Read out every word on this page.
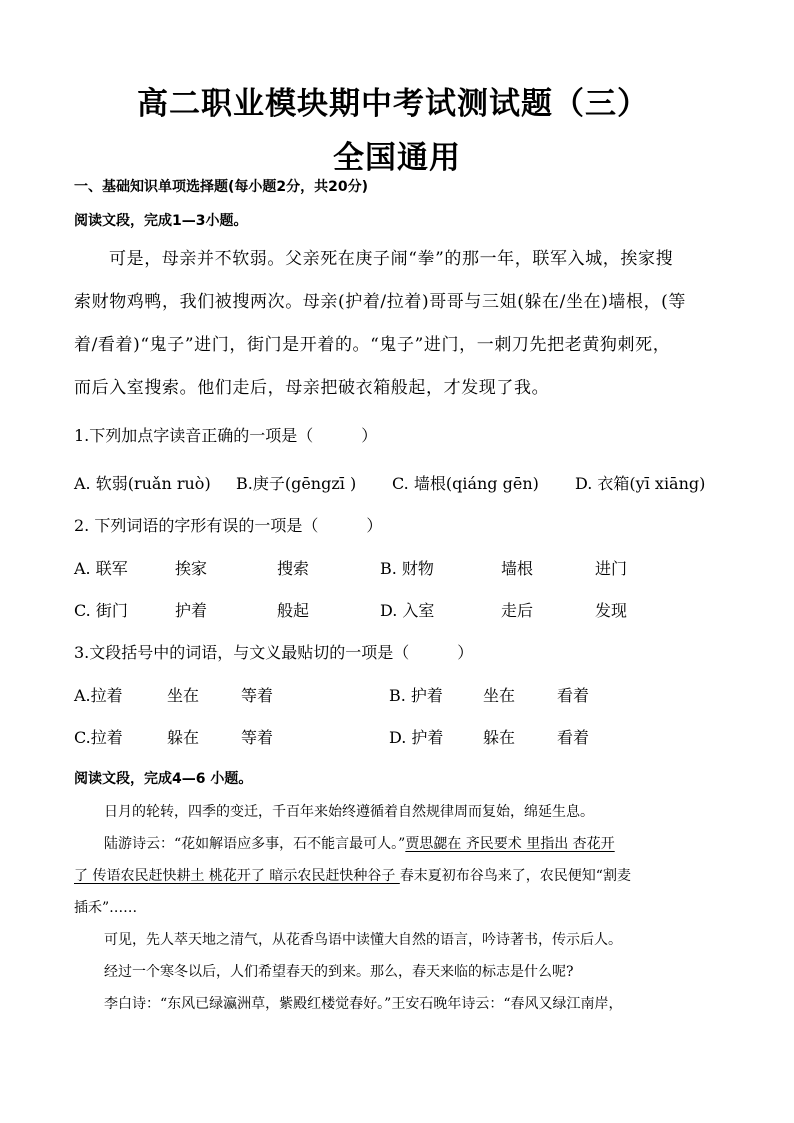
高二职业模块期中考试测试题（三）
全国通用
一、基础知识单项选择题(每小题2分，共20分)
阅读文段，完成1—3小题。
可是，母亲并不软弱。父亲死在庚子闹“拳”的那一年，联军入城，挨家搜
索财物鸡鸭，我们被搜两次。母亲(护着/拉着)哥哥与三姐(躲在/坐在)墙根，(等
着/看着)“鬼子”进门，街门是开着的。“鬼子”进门，一刺刀先把老黄狗刺死，
而后入室搜索。他们走后，母亲把破衣箱般起，才发现了我。
1.下列加点字读音正确的一项是（　　　）
A. 软弱(ruǎn ruò) B.庚子(gēngzī ) C. 墙根(qiáng gēn) D. 衣箱(yī xiāng)
2. 下列词语的字形有误的一项是（　　　）
A. 联军	挨家	搜索	B. 财物	墙根	进门
C. 街门	护着	般起	D. 入室	走后	发现
3.文段括号中的词语，与文义最贴切的一项是（　　　）
A.拉着	坐在	等着	B. 护着	坐在	看着
C.拉着	躲在	等着	D. 护着 躲在	看着
阅读文段，完成4—6 小题。
日月的轮转，四季的变迁，千百年来始终遵循着自然规律周而复始，绵延生息。
陆游诗云：“花如解语应多事，石不能言最可人。”贾思勰在 齐民要术 里指出 杏花开
了 传语农民赶快耕土 桃花开了 暗示农民赶快种谷子 春末夏初布谷鸟来了，农民便知“割麦
插禾”……
可见，先人萃天地之清气，从花香鸟语中读懂大自然的语言，吟诗著书，传示后人。
经过一个寒冬以后，人们希望春天的到来。那么，春天来临的标志是什么呢?
李白诗：“东风已绿瀛洲草，紫殿红楼觉春好。”王安石晚年诗云：“春风又绿江南岸，
